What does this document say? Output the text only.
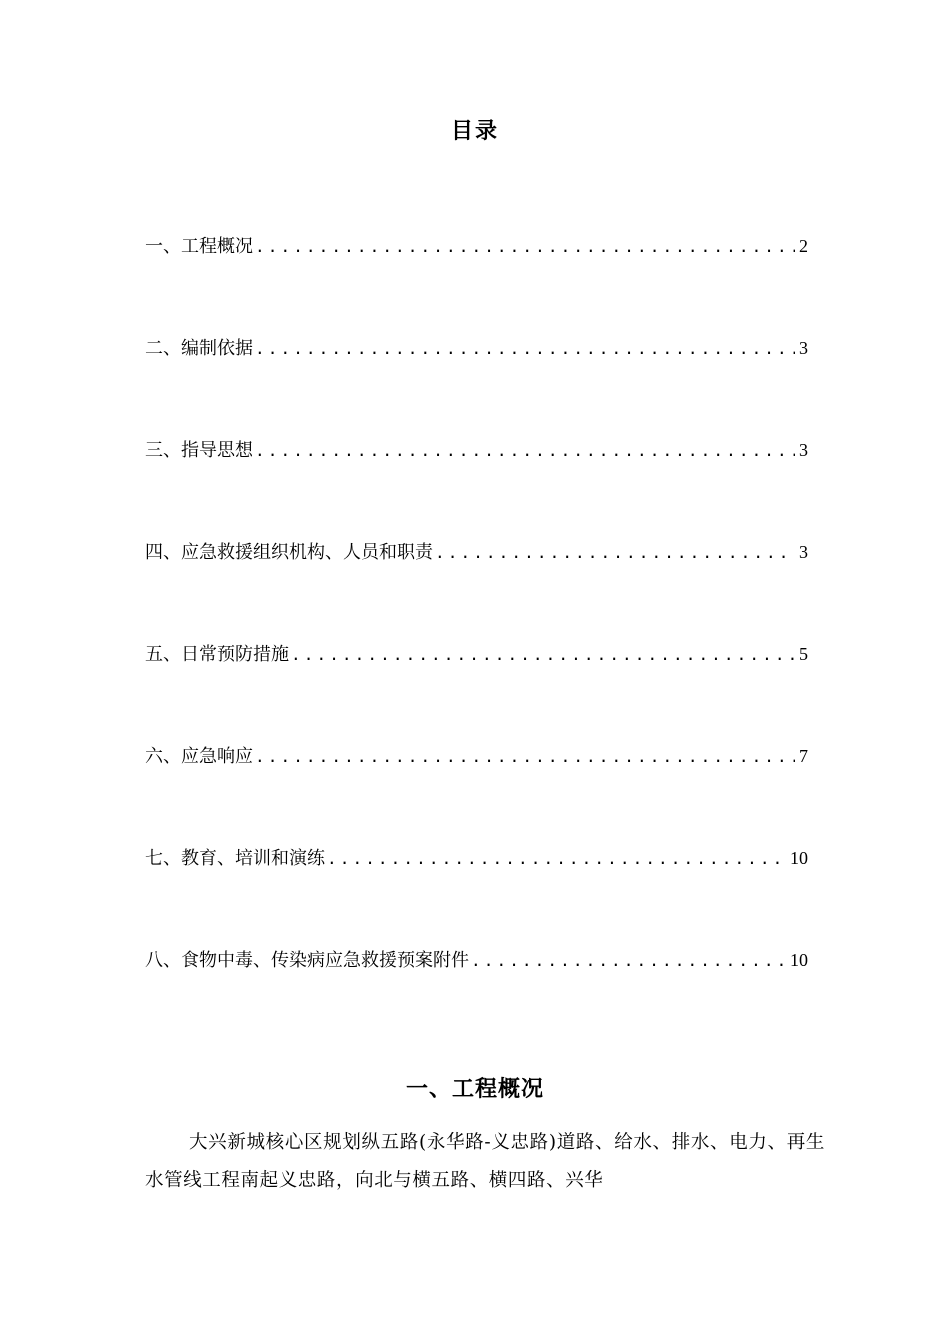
目录
一、工程概况 .....	2
二、编制依据 .....	3
三、指导思想 .....	3
四、应急救援组织机构、人员和职责 .....	3
五、日常预防措施 .....	5
六、应急响应 .....	7
七、教育、培训和演练 .....	10
八、食物中毒、传染病应急救援预案附件 .....	10
一、工程概况

大兴新城核心区规划纵五路(永华路-义忠路)道路、给水、排水、电力、再生水管线工程南起义忠路，向北与横五路、横四路、兴华
